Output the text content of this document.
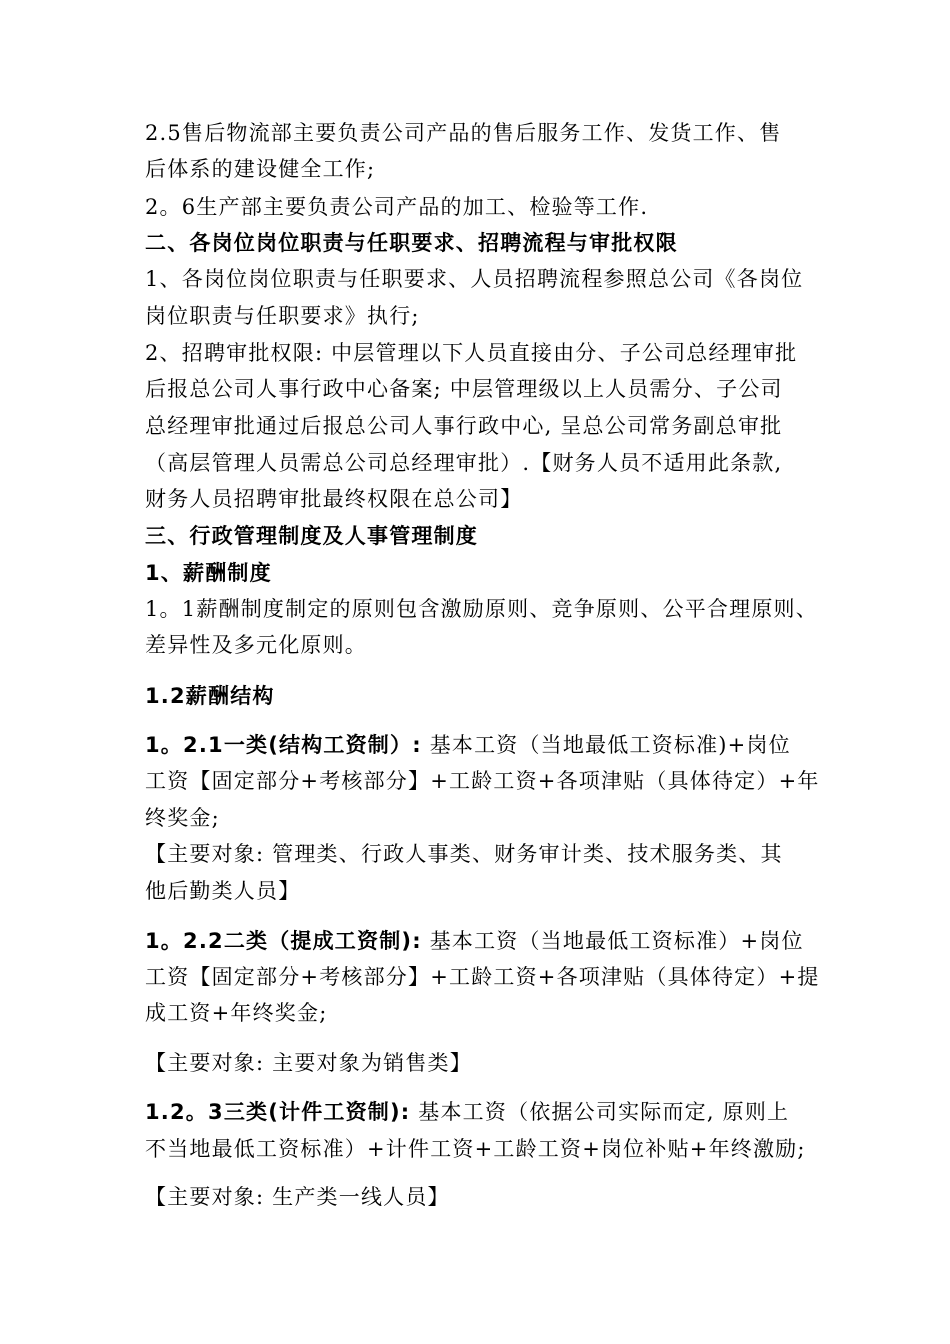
2.5售后物流部主要负责公司产品的售后服务工作、发货工作、售
后体系的建设健全工作;
2。6生产部主要负责公司产品的加工、检验等工作.
二、各岗位岗位职责与任职要求、招聘流程与审批权限
1、各岗位岗位职责与任职要求、人员招聘流程参照总公司《各岗位
岗位职责与任职要求》执行;
2、招聘审批权限: 中层管理以下人员直接由分、子公司总经理审批
后报总公司人事行政中心备案; 中层管理级以上人员需分、子公司
总经理审批通过后报总公司人事行政中心, 呈总公司常务副总审批
（高层管理人员需总公司总经理审批）.【财务人员不适用此条款,
财务人员招聘审批最终权限在总公司】
三、行政管理制度及人事管理制度
1、薪酬制度
1。1薪酬制度制定的原则包含激励原则、竞争原则、公平合理原则、
差异性及多元化原则。
1.2薪酬结构
1。2.1一类(结构工资制）: 基本工资（当地最低工资标准)+岗位
工资【固定部分+考核部分】+工龄工资+各项津贴（具体待定）+年
终奖金;
【主要对象: 管理类、行政人事类、财务审计类、技术服务类、其
他后勤类人员】
1。2.2二类（提成工资制): 基本工资（当地最低工资标准）+岗位
工资【固定部分+考核部分】+工龄工资+各项津贴（具体待定）+提
成工资+年终奖金;
【主要对象: 主要对象为销售类】
1.2。3三类(计件工资制): 基本工资（依据公司实际而定, 原则上
不当地最低工资标准）+计件工资+工龄工资+岗位补贴+年终激励;
【主要对象: 生产类一线人员】
